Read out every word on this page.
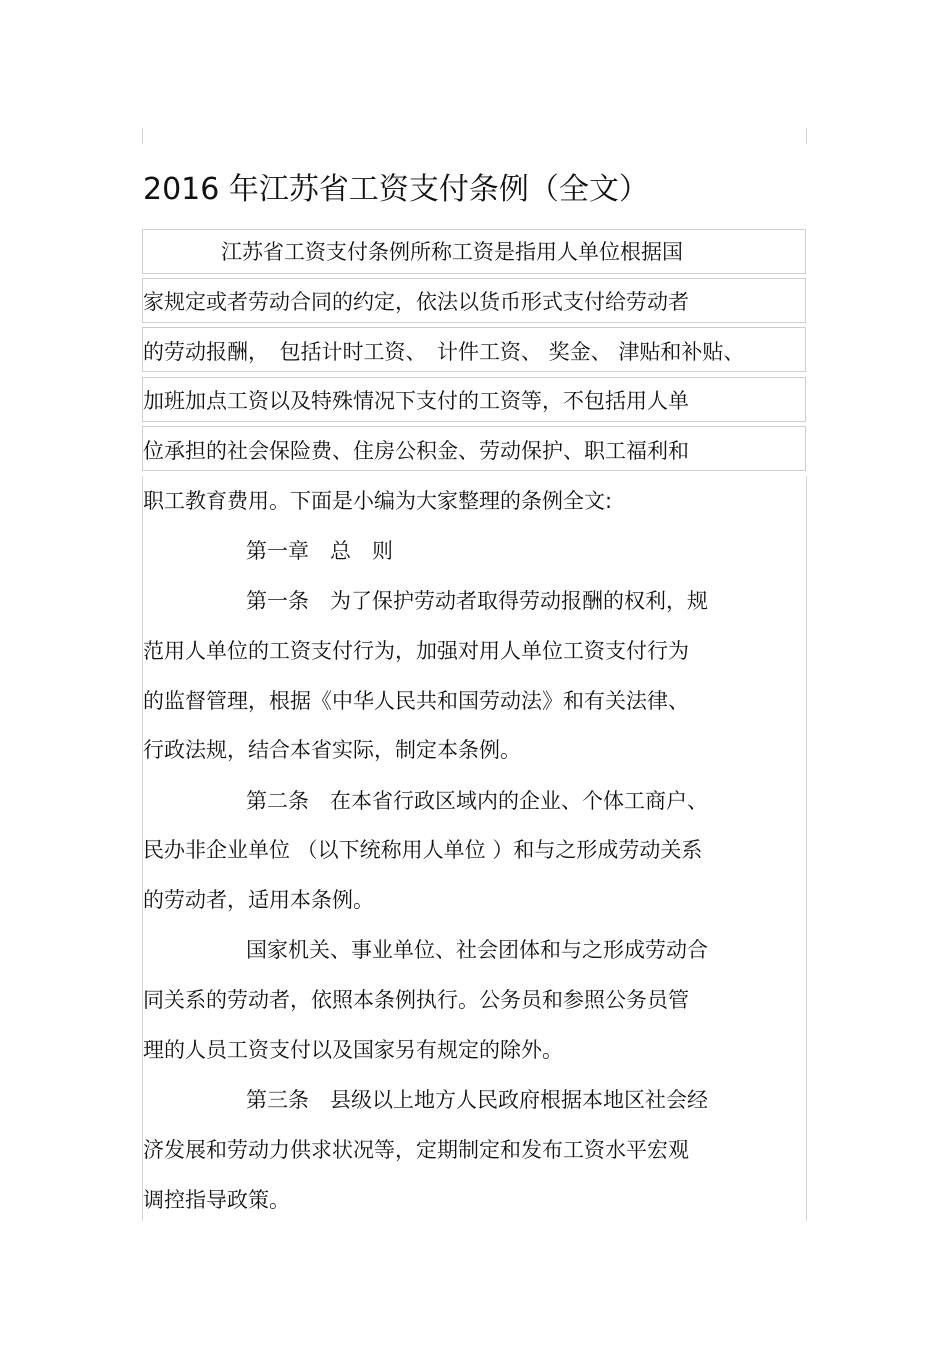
2016 年江苏省工资支付条例（全文）
江苏省工资支付条例所称工资是指用人单位根据国
家规定或者劳动合同的约定，依法以货币形式支付给劳动者
的劳动报酬，　包括计时工资、　计件工资、 奖金、 津贴和补贴、
加班加点工资以及特殊情况下支付的工资等，不包括用人单
位承担的社会保险费、住房公积金、劳动保护、职工福利和
职工教育费用。下面是小编为大家整理的条例全文:
第一章　总　则
第一条　为了保护劳动者取得劳动报酬的权利，规
范用人单位的工资支付行为，加强对用人单位工资支付行为
的监督管理，根据《中华人民共和国劳动法》和有关法律、
行政法规，结合本省实际，制定本条例。
第二条　在本省行政区域内的企业、个体工商户、
民办非企业单位 （以下统称用人单位 ）和与之形成劳动关系
的劳动者，适用本条例。
国家机关、事业单位、社会团体和与之形成劳动合
同关系的劳动者，依照本条例执行。公务员和参照公务员管
理的人员工资支付以及国家另有规定的除外。
第三条　县级以上地方人民政府根据本地区社会经
济发展和劳动力供求状况等，定期制定和发布工资水平宏观
调控指导政策。
